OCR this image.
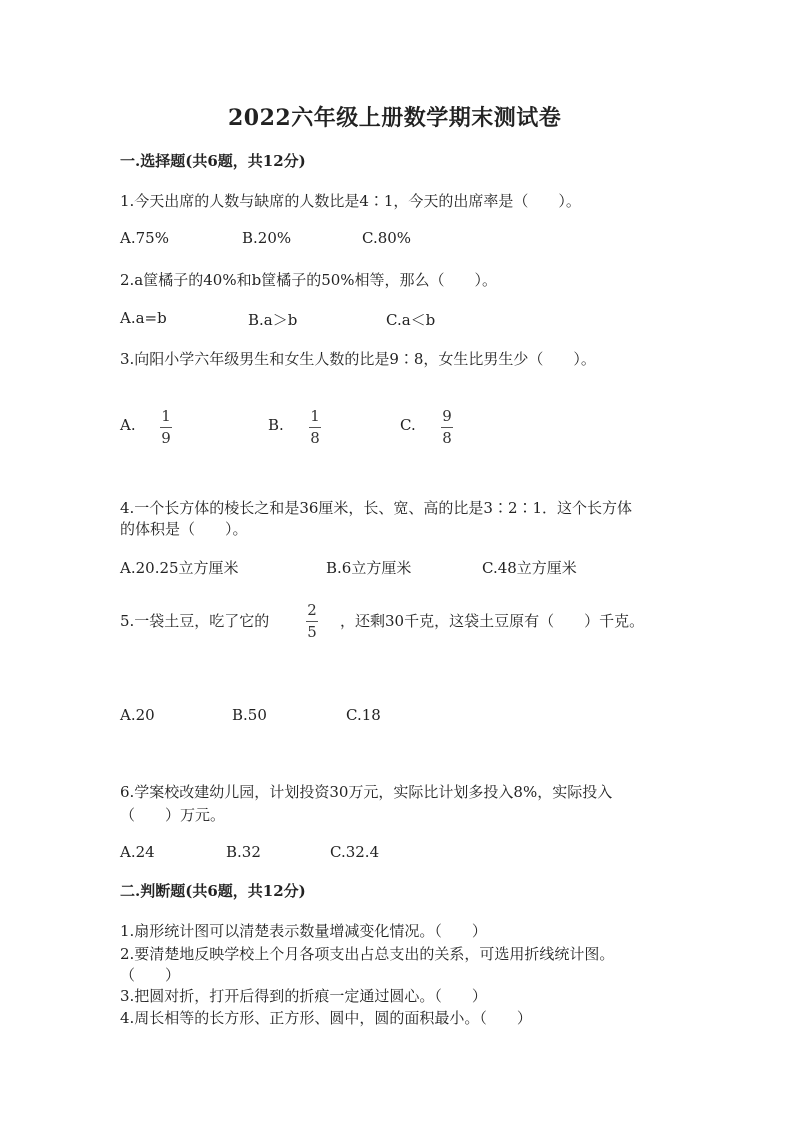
2022六年级上册数学期末测试卷
一.选择题(共6题，共12分)
1.今天出席的人数与缺席的人数比是4∶1，今天的出席率是（　　）。
A.75%	B.20%	C.80%
2.a筐橘子的40%和b筐橘子的50%相等，那么（　　）。
A.a=b	B.a＞b	C.a＜b
3.向阳小学六年级男生和女生人数的比是9∶8，女生比男生少（　　）。
A. 1
9
B. 1
8
C. 9
8
4.一个长方体的棱长之和是36厘米，长、宽、高的比是3∶2∶1．这个长方体
的体积是（　　）。
A.20.25立方厘米	B.6立方厘米	C.48立方厘米
5.一袋土豆，吃了它的
2
5
，还剩30千克，这袋土豆原有（　　）千克。
A.20	B.50	C.18
6.学案校改建幼儿园，计划投资30万元，实际比计划多投入8%，实际投入
（　　）万元。
A.24	B.32	C.32.4
二.判断题(共6题，共12分)
1.扇形统计图可以清楚表示数量增减变化情况。（　　）
2.要清楚地反映学校上个月各项支出占总支出的关系，可选用折线统计图。
（　　）
3.把圆对折，打开后得到的折痕一定通过圆心。（　　）
4.周长相等的长方形、正方形、圆中，圆的面积最小。（　　）
